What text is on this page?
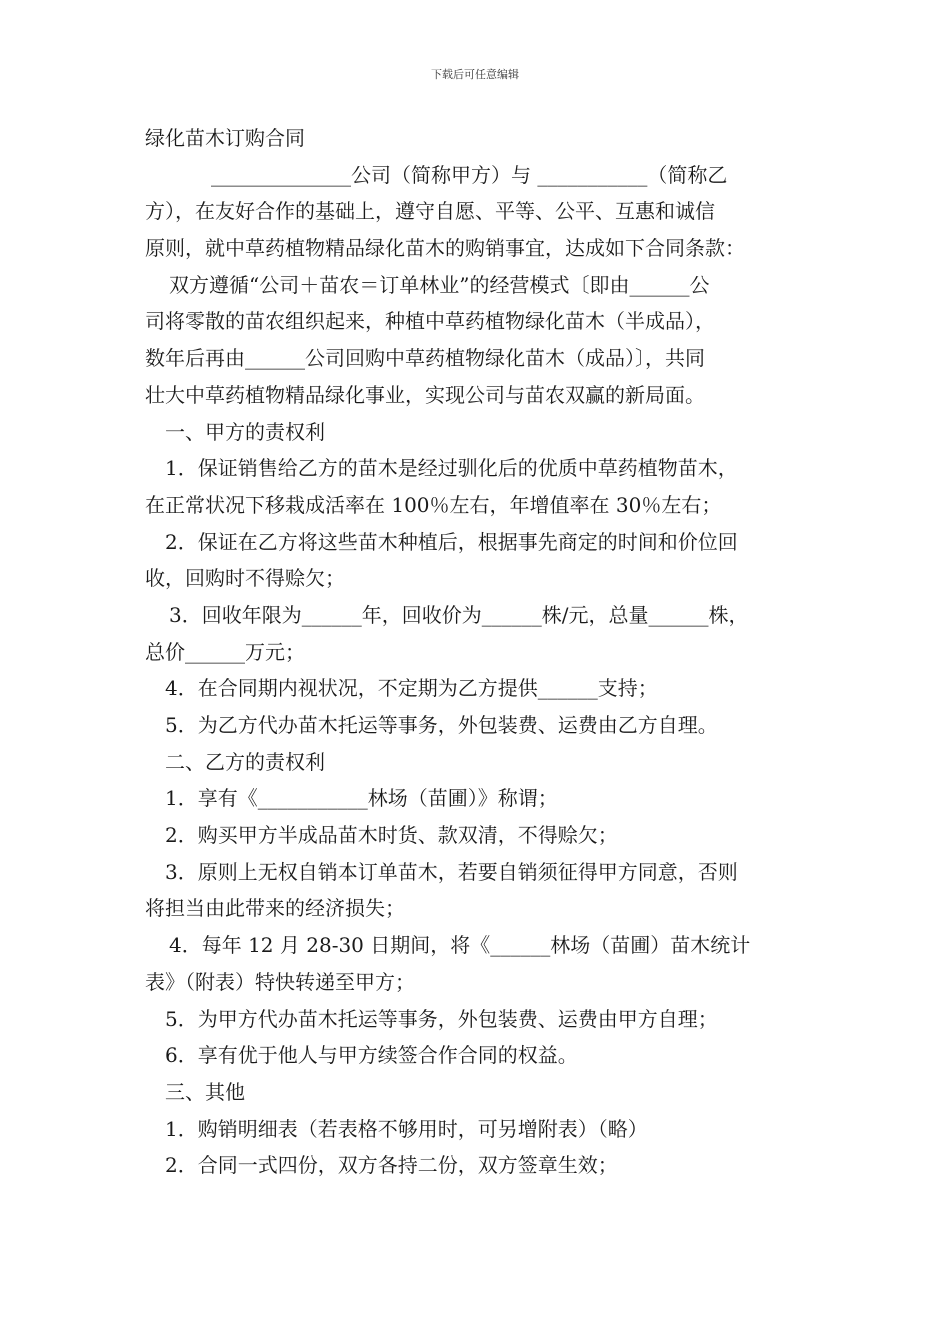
下载后可任意编辑
绿化苗木订购合同
______________公司（简称甲方）与 ___________（简称乙
方），在友好合作的基础上，遵守自愿、平等、公平、互惠和诚信
原则，就中草药植物精品绿化苗木的购销事宜，达成如下合同条款：
双方遵循“公司＋苗农＝订单林业”的经营模式〔即由______公
司将零散的苗农组织起来，种植中草药植物绿化苗木（半成品），
数年后再由______公司回购中草药植物绿化苗木（成品）〕，共同
壮大中草药植物精品绿化事业，实现公司与苗农双赢的新局面。
一、甲方的责权利
1．保证销售给乙方的苗木是经过驯化后的优质中草药植物苗木，
在正常状况下移栽成活率在 100％左右，年增值率在 30％左右；
2．保证在乙方将这些苗木种植后，根据事先商定的时间和价位回
收，回购时不得赊欠；
3．回收年限为______年，回收价为______株/元，总量______株，
总价______万元；
4．在合同期内视状况，不定期为乙方提供______支持；
5．为乙方代办苗木托运等事务，外包装费、运费由乙方自理。
二、乙方的责权利
1．享有《___________林场（苗圃）》称谓；
2．购买甲方半成品苗木时货、款双清，不得赊欠；
3．原则上无权自销本订单苗木，若要自销须征得甲方同意，否则
将担当由此带来的经济损失；
4．每年 12 月 28-30 日期间，将《______林场（苗圃）苗木统计
表》（附表）特快转递至甲方；
5．为甲方代办苗木托运等事务，外包装费、运费由甲方自理；
6．享有优于他人与甲方续签合作合同的权益。
三、其他
1．购销明细表（若表格不够用时，可另增附表）（略）
2．合同一式四份，双方各持二份，双方签章生效；
